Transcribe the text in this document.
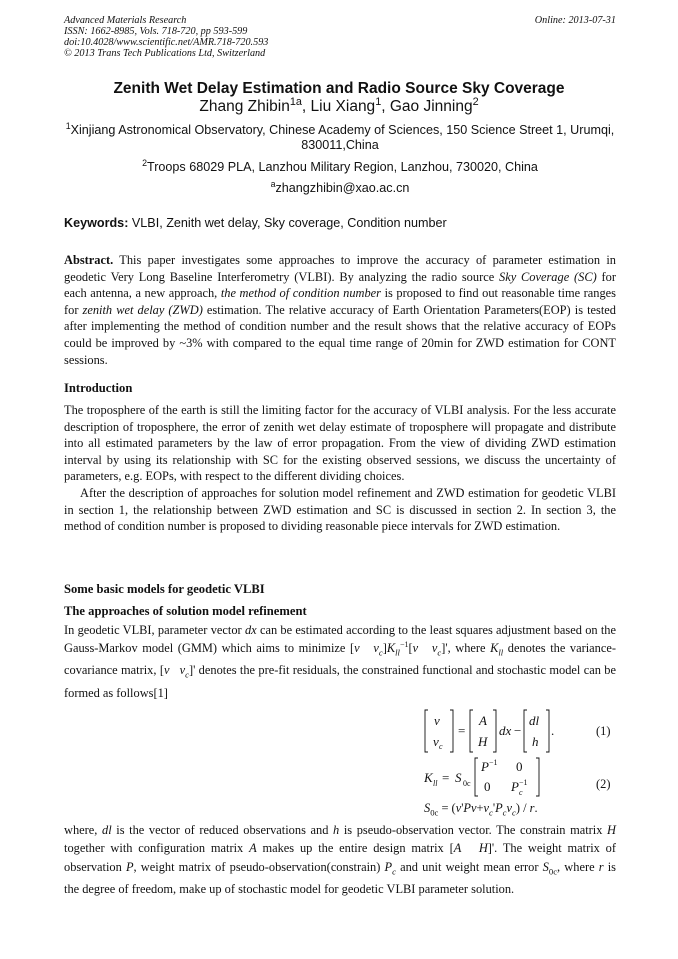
Advanced Materials Research
ISSN: 1662-8985, Vols. 718-720, pp 593-599
doi:10.4028/www.scientific.net/AMR.718-720.593
© 2013 Trans Tech Publications Ltd, Switzerland
Online: 2013-07-31
Zenith Wet Delay Estimation and Radio Source Sky Coverage
Zhang Zhibin$^{1a}$, Liu Xiang$^1$, Gao Jinning$^2$
$^1$Xinjiang Astronomical Observatory, Chinese Academy of Sciences, 150 Science Street 1, Urumqi, 830011,China
$^2$Troops 68029 PLA, Lanzhou Military Region, Lanzhou, 730020, China
$^a$zhangzhibin@xao.ac.cn
Keywords: VLBI, Zenith wet delay, Sky coverage, Condition number
Abstract. This paper investigates some approaches to improve the accuracy of parameter estimation in geodetic Very Long Baseline Interferometry (VLBI). By analyzing the radio source Sky Coverage (SC) for each antenna, a new approach, the method of condition number is proposed to find out reasonable time ranges for zenith wet delay (ZWD) estimation. The relative accuracy of Earth Orientation Parameters(EOP) is tested after implementing the method of condition number and the result shows that the relative accuracy of EOPs could be improved by ~3% with compared to the equal time range of 20min for ZWD estimation for CONT sessions.
Introduction
The troposphere of the earth is still the limiting factor for the accuracy of VLBI analysis. For the less accurate description of troposphere, the error of zenith wet delay estimate of troposphere will propagate and distribute into all estimated parameters by the law of error propagation. From the view of dividing ZWD estimation interval by using its relationship with SC for the existing observed sessions, we discuss the uncertainty of parameters, e.g. EOPs, with respect to the different dividing choices.
After the description of approaches for solution model refinement and ZWD estimation for geodetic VLBI in section 1, the relationship between ZWD estimation and SC is discussed in section 2. In section 3, the method of condition number is proposed to dividing reasonable piece intervals for ZWD estimation.
Some basic models for geodetic VLBI
The approaches of solution model refinement
In geodetic VLBI, parameter vector dx can be estimated according to the least squares adjustment based on the Gauss-Markov model (GMM) which aims to minimize [v $v_c]K_{ll}^{-1}[v$ $v_c]'$, where $K_{ll}$ denotes the variance-covariance matrix, [v $v_c]'$ denotes the pre-fit residuals, the constrained functional and stochastic model can be formed as follows[1]
v
v c
=
A
H
dx −
dl
h
.	(1)
K ll = S 0c
P −1 0
0 P c
−1	(2)
$S_{0c} = (v'Pv+v_c'P_cv_c) / r$.
where, dl is the vector of reduced observations and h is pseudo-observation vector. The constrain matrix H together with configuration matrix A makes up the entire design matrix [A H]'. The weight matrix of observation P, weight matrix of pseudo-observation(constrain) $P_c$ and unit weight mean error $S_{0c}$, where r is the degree of freedom, make up of stochastic model for geodetic VLBI parameter solution.
